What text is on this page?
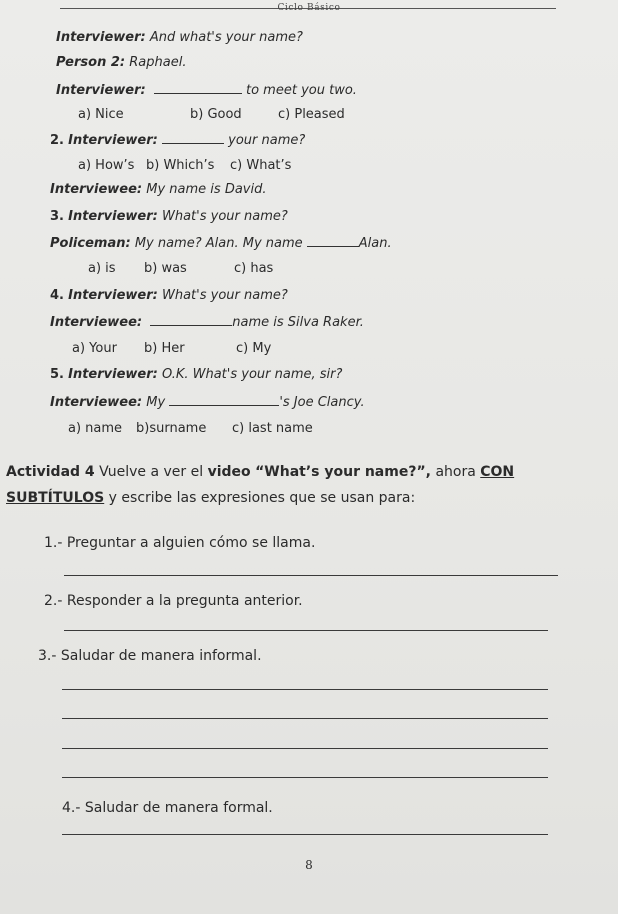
Ciclo Básico
Interviewer: And what's your name?
Person 2: Raphael.
Interviewer:	to meet you two.
a) Nice	b) Good	c) Pleased
2. Interviewer:	your name?
a) How’s b) Which’s c) What’s
Interviewee: My name is David.
3. Interviewer: What's your name?
Policeman: My name? Alan. My name	Alan.
a) is b) was	c) has
4. Interviewer: What's your name?
Interviewee:	name is Silva Raker.
a) Your b) Her	c) My
5. Interviewer: O.K. What's your name, sir?
Interviewee: My	's Joe Clancy.
a) name b)surname c) last name
Actividad 4 Vuelve a ver el video “What’s your name?”, ahora CON
SUBTÍTULOS y escribe las expresiones que se usan para:
1.- Preguntar a alguien cómo se llama.
2.- Responder a la pregunta anterior.
3.- Saludar de manera informal.
4.- Saludar de manera formal.
8
